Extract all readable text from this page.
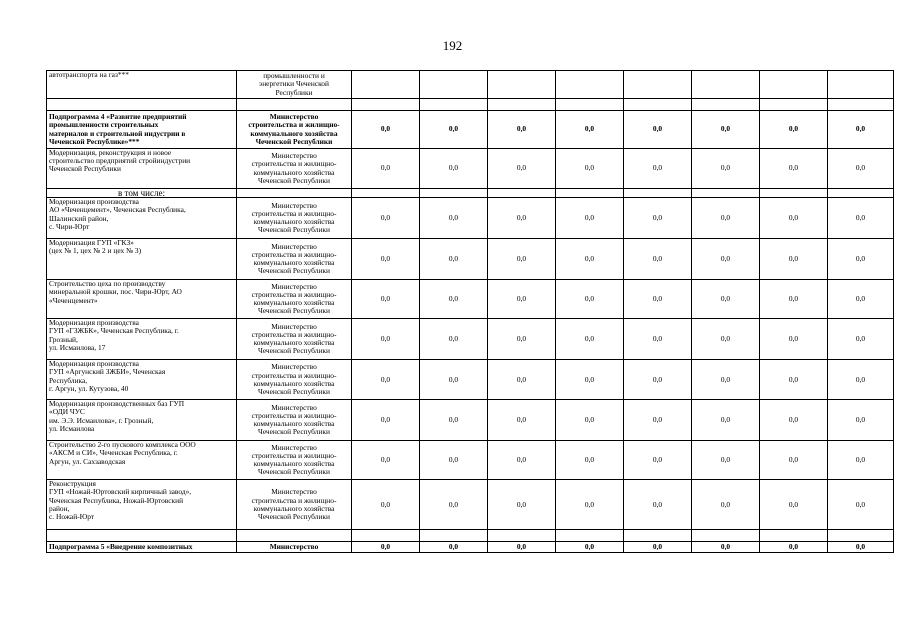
192
автотранспорта на газ***	промышленности и
энергетики Чеченской
Республики								

Подпрограмма 4 «Развитие предприятий
промышленности строительных
материалов и строительной индустрии в
Чеченской Республике»***	Министерство
строительства и жилищно-
коммунального хозяйства
Чеченской Республики	0,0	0,0	0,0	0,0	0,0	0,0	0,0	0,0
Модернизация, реконструкция и новое
строительство предприятий стройиндустрии
Чеченской Республики	Министерство
строительства и жилищно-
коммунального хозяйства
Чеченской Республики	0,0	0,0	0,0	0,0	0,0	0,0	0,0	0,0
в том числе:									
Модернизация производства
АО «Чеченцемент», Чеченская Республика,
Шалинский район,
с. Чири-Юрт	Министерство
строительства и жилищно-
коммунального хозяйства
Чеченской Республики	0,0	0,0	0,0	0,0	0,0	0,0	0,0	0,0
Модернизация ГУП «ГКЗ»
(цех № 1, цех № 2 и цех № 3)	Министерство
строительства и жилищно-
коммунального хозяйства
Чеченской Республики	0,0	0,0	0,0	0,0	0,0	0,0	0,0	0,0
Строительство цеха по производству
минеральной крошки, пос. Чири-Юрт, АО
«Чеченцемент»	Министерство
строительства и жилищно-
коммунального хозяйства
Чеченской Республики	0,0	0,0	0,0	0,0	0,0	0,0	0,0	0,0
Модернизация производства
ГУП «ГЗЖБК», Чеченская Республика, г.
Грозный,
ул. Исмаилова, 17	Министерство
строительства и жилищно-
коммунального хозяйства
Чеченской Республики	0,0	0,0	0,0	0,0	0,0	0,0	0,0	0,0
Модернизация производства
ГУП «Аргунский ЗЖБИ», Чеченская
Республика,
г. Аргун, ул. Кутузова, 40	Министерство
строительства и жилищно-
коммунального хозяйства
Чеченской Республики	0,0	0,0	0,0	0,0	0,0	0,0	0,0	0,0
Модернизация производственных баз ГУП
«ОДИ ЧУС
им. Э.Э. Исмаилова», г. Грозный,
ул. Исмаилова	Министерство
строительства и жилищно-
коммунального хозяйства
Чеченской Республики	0,0	0,0	0,0	0,0	0,0	0,0	0,0	0,0
Строительство 2-го пускового комплекса ООО
«АКСМ и СИ», Чеченская Республика, г.
Аргун, ул. Сахзаводская	Министерство
строительства и жилищно-
коммунального хозяйства
Чеченской Республики	0,0	0,0	0,0	0,0	0,0	0,0	0,0	0,0
Реконструкция
ГУП «Ножай-Юртовский кирпичный завод»,
Чеченская Республика, Ножай-Юртовский
район,
с. Ножай-Юрт	Министерство
строительства и жилищно-
коммунального хозяйства
Чеченской Республики	0,0	0,0	0,0	0,0	0,0	0,0	0,0	0,0

Подпрограмма 5 «Внедрение композитных	Министерство	0,0	0,0	0,0	0,0	0,0	0,0	0,0	0,0
